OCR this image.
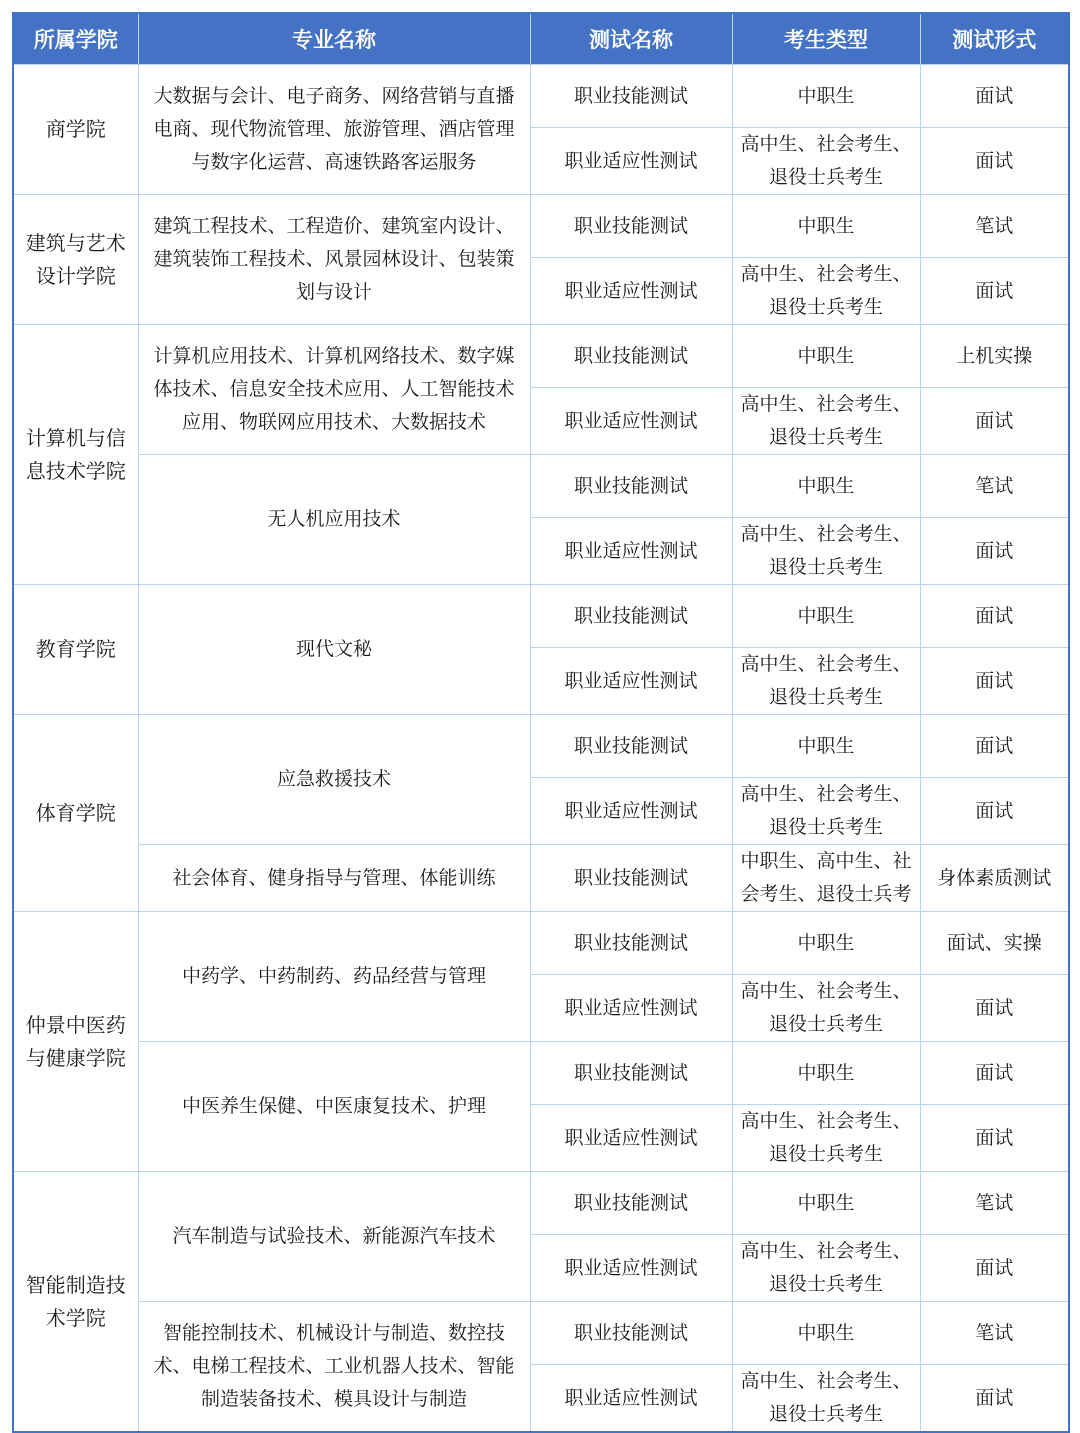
所属学院	专业名称	测试名称	考生类型	测试形式
商学院	大数据与会计、电子商务、网络营销与直播电商、现代物流管理、旅游管理、酒店管理与数字化运营、高速铁路客运服务	职业技能测试	中职生	面试
		职业适应性测试	高中生、社会考生、退役士兵考生	面试
建筑与艺术设计学院	建筑工程技术、工程造价、建筑室内设计、建筑装饰工程技术、风景园林设计、包装策划与设计	职业技能测试	中职生	笔试
		职业适应性测试	高中生、社会考生、退役士兵考生	面试
计算机与信息技术学院	计算机应用技术、计算机网络技术、数字媒体技术、信息安全技术应用、人工智能技术应用、物联网应用技术、大数据技术	职业技能测试	中职生	上机实操
		职业适应性测试	高中生、社会考生、退役士兵考生	面试
	无人机应用技术	职业技能测试	中职生	笔试
		职业适应性测试	高中生、社会考生、退役士兵考生	面试
教育学院	现代文秘	职业技能测试	中职生	面试
		职业适应性测试	高中生、社会考生、退役士兵考生	面试
体育学院	应急救援技术	职业技能测试	中职生	面试
		职业适应性测试	高中生、社会考生、退役士兵考生	面试
	社会体育、健身指导与管理、体能训练	职业技能测试	中职生、高中生、社会考生、退役士兵考	身体素质测试
仲景中医药与健康学院	中药学、中药制药、药品经营与管理	职业技能测试	中职生	面试、实操
		职业适应性测试	高中生、社会考生、退役士兵考生	面试
	中医养生保健、中医康复技术、护理	职业技能测试	中职生	面试
		职业适应性测试	高中生、社会考生、退役士兵考生	面试
智能制造技术学院	汽车制造与试验技术、新能源汽车技术	职业技能测试	中职生	笔试
		职业适应性测试	高中生、社会考生、退役士兵考生	面试
	智能控制技术、机械设计与制造、数控技术、电梯工程技术、工业机器人技术、智能制造装备技术、模具设计与制造	职业技能测试	中职生	笔试
		职业适应性测试	高中生、社会考生、退役士兵考生	面试
